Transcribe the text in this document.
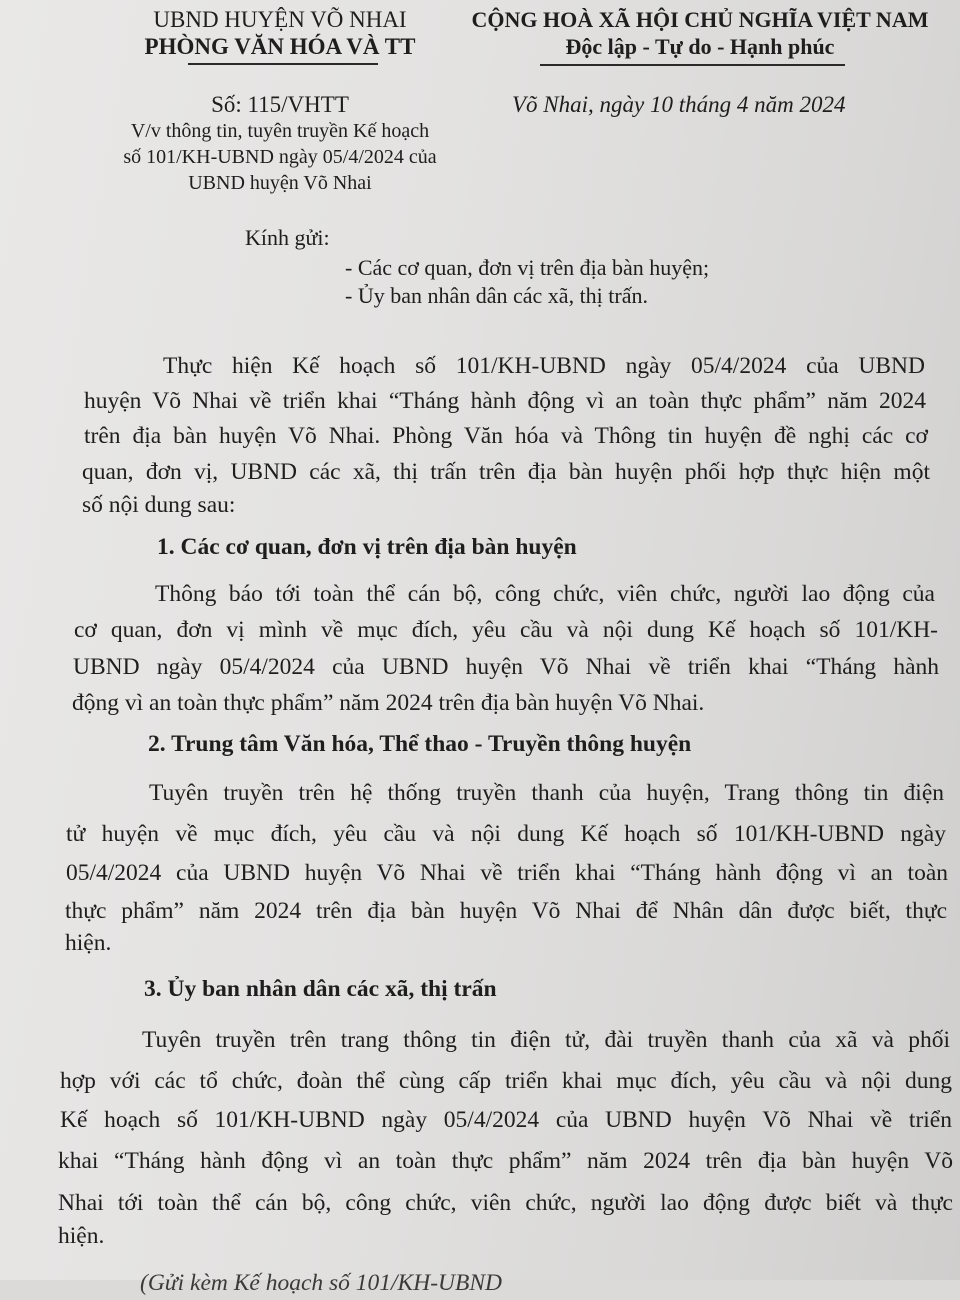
UBND HUYỆN VÕ NHAI
PHÒNG VĂN HÓA VÀ TT
CỘNG HOÀ XÃ HỘI CHỦ NGHĨA VIỆT NAM
Độc lập - Tự do - Hạnh phúc
Số: 115/VHTT	Võ Nhai, ngày 10 tháng 4 năm 2024
V/v thông tin, tuyên truyền Kế hoạch
số 101/KH-UBND ngày 05/4/2024 của
UBND huyện Võ Nhai
Kính gửi:
- Các cơ quan, đơn vị trên địa bàn huyện;
- Ủy ban nhân dân các xã, thị trấn.
Thực hiện Kế hoạch số 101/KH-UBND ngày 05/4/2024 của UBND
huyện Võ Nhai về triển khai “Tháng hành động vì an toàn thực phẩm” năm 2024
trên địa bàn huyện Võ Nhai. Phòng Văn hóa và Thông tin huyện đề nghị các cơ
quan, đơn vị, UBND các xã, thị trấn trên địa bàn huyện phối hợp thực hiện một
số nội dung sau:
1. Các cơ quan, đơn vị trên địa bàn huyện
Thông báo tới toàn thể cán bộ, công chức, viên chức, người lao động của
cơ quan, đơn vị mình về mục đích, yêu cầu và nội dung Kế hoạch số 101/KH-
UBND ngày 05/4/2024 của UBND huyện Võ Nhai về triển khai “Tháng hành
động vì an toàn thực phẩm” năm 2024 trên địa bàn huyện Võ Nhai.
2. Trung tâm Văn hóa, Thể thao - Truyền thông huyện
Tuyên truyền trên hệ thống truyền thanh của huyện, Trang thông tin điện
tử huyện về mục đích, yêu cầu và nội dung Kế hoạch số 101/KH-UBND ngày
05/4/2024 của UBND huyện Võ Nhai về triển khai “Tháng hành động vì an toàn
thực phẩm” năm 2024 trên địa bàn huyện Võ Nhai để Nhân dân được biết, thực
hiện.
3. Ủy ban nhân dân các xã, thị trấn
Tuyên truyền trên trang thông tin điện tử, đài truyền thanh của xã và phối
hợp với các tổ chức, đoàn thể cùng cấp triển khai mục đích, yêu cầu và nội dung
Kế hoạch số 101/KH-UBND ngày 05/4/2024 của UBND huyện Võ Nhai về triển
khai “Tháng hành động vì an toàn thực phẩm” năm 2024 trên địa bàn huyện Võ
Nhai tới toàn thể cán bộ, công chức, viên chức, người lao động được biết và thực
hiện.
(Gửi kèm Kế hoạch số 101/KH-UBND
